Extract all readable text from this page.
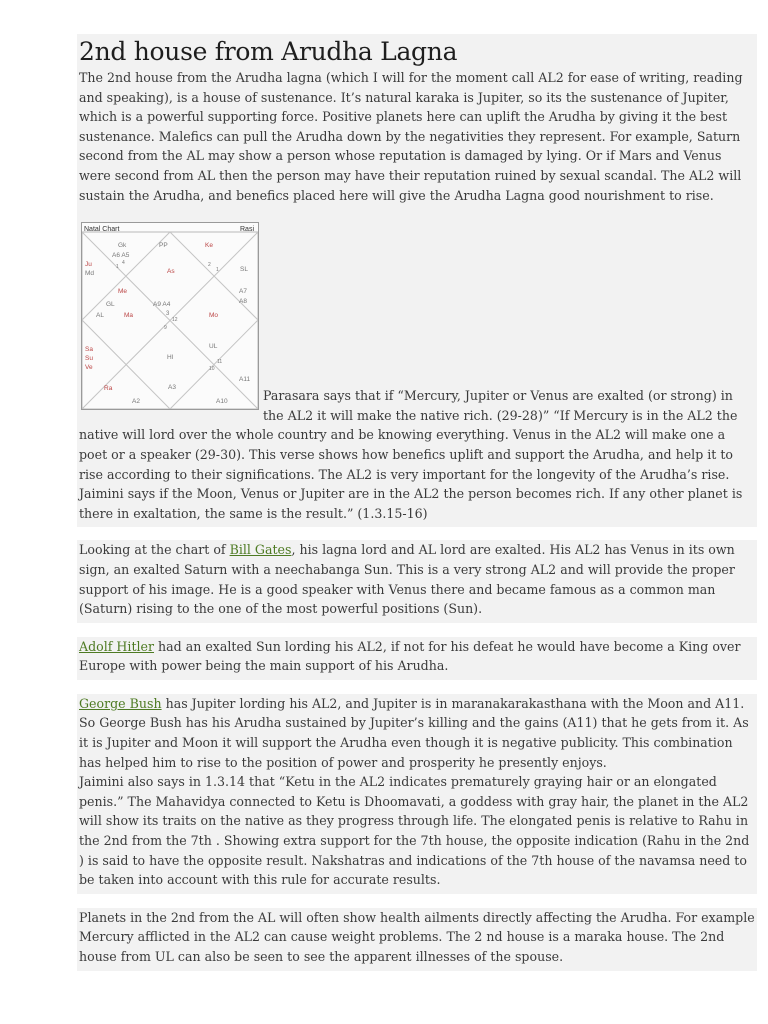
2nd house from Arudha Lagna

The 2nd house from the Arudha lagna (which I will for the moment call AL2 for ease of writing, reading and speaking), is a house of sustenance. It’s natural karaka is Jupiter, so its the sustenance of Jupiter, which is a powerful supporting force. Positive planets here can uplift the Arudha by giving it the best sustenance. Malefics can pull the Arudha down by the negativities they represent. For example, Saturn second from the AL may show a person whose reputation is damaged by lying. Or if Mars and Venus were second from AL then the person may have their reputation ruined by sexual scandal. The AL2 will sustain the Arudha, and benefics placed here will give the Arudha Lagna good nourishment to rise.

Natal Chart	Rasi
Gk	PP	Ke
A6 A5
Ju
Md
1
4
As
2
1	SL
Me
GL
A7
A8
A9 A4
AL	Ma	Mo
3
12
9
Sa
Su
Ve
UL
Hl
11
10
Ra	A3
A11
A2	A10	Parasara says that if “Mercury, Jupiter or Venus are exalted (or strong) in the AL2 it will make the native rich. (29-28)” “If Mercury is in the AL2 the native will lord over the whole country and be knowing everything. Venus in the AL2 will make one a poet or a speaker (29-30). This verse shows how benefics uplift and support the Arudha, and help it to rise according to their significations. The AL2 is very important for the longevity of the Arudha’s rise. Jaimini says if the Moon, Venus or Jupiter are in the AL2 the person becomes rich. If any other planet is there in exaltation, the same is the result.” (1.3.15-16)

Looking at the chart of Bill Gates, his lagna lord and AL lord are exalted. His AL2 has Venus in its own sign, an exalted Saturn with a neechabanga Sun. This is a very strong AL2 and will provide the proper support of his image. He is a good speaker with Venus there and became famous as a common man (Saturn) rising to the one of the most powerful positions (Sun).

Adolf Hitler had an exalted Sun lording his AL2, if not for his defeat he would have become a King over Europe with power being the main support of his Arudha.

George Bush has Jupiter lording his AL2, and Jupiter is in maranakarakasthana with the Moon and A11. So George Bush has his Arudha sustained by Jupiter’s killing and the gains (A11) that he gets from it. As it is Jupiter and Moon it will support the Arudha even though it is negative publicity. This combination has helped him to rise to the position of power and prosperity he presently enjoys.

Jaimini also says in 1.3.14 that “Ketu in the AL2 indicates prematurely graying hair or an elongated penis.” The Mahavidya connected to Ketu is Dhoomavati, a goddess with gray hair, the planet in the AL2 will show its traits on the native as they progress through life. The elongated penis is relative to Rahu in the 2nd from the 7th . Showing extra support for the 7th house, the opposite indication (Rahu in the 2nd ) is said to have the opposite result. Nakshatras and indications of the 7th house of the navamsa need to be taken into account with this rule for accurate results.

Planets in the 2nd from the AL will often show health ailments directly affecting the Arudha. For example Mercury afflicted in the AL2 can cause weight problems. The 2 nd house is a maraka house. The 2nd house from UL can also be seen to see the apparent illnesses of the spouse.
